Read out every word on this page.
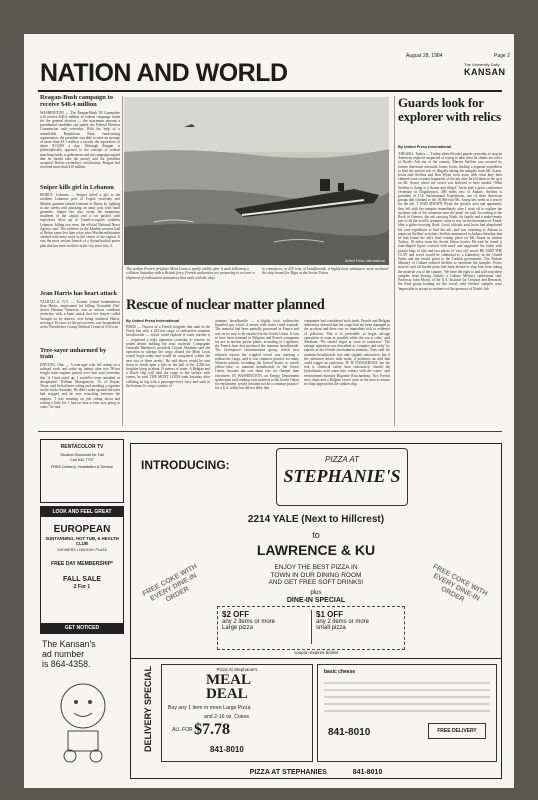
August 28, 1984	Page 2
NATION AND WORLD	The University Daily
KANSAN
Reagan-Bush campaign to receive $40.4 million
WASHINGTON — The Reagan-Bush '84 Committee will receive $40.4 million in federal campaign funds for the general election — the maximum amount a presidential candidate can spend, the Federal Election Commission said yesterday. With the help of a remarkable Republican Party fund-raising organization, the president was able to raise an average of more than $1.1 million a month, the equivalent of about $13,000 a day. Although Reagan is philosophically opposed to the concept of federal matching funds, a spokesman said the campaign argued that he should take the money and the president accepted. Before yesterday's certification, Reagan had received more than $10 million.
Sniper kills girl in Lebanon
BEIRUT, Lebanon — Snipers killed a girl in the northern Lebanese port of Tripoli yesterday and Muslim gunmen fanned tensions in Beirut by fighting in the streets and attacking an army post with hand grenades. Sniper fire also swept the mountains southeast of the capital and a car packed with explosives blew up in Israeli-occupied southern Lebanon, killing two men, the official National News Agency said. The violence in the Muslim western half of Beirut came less than a day after Muslim militiamen clashed with army units in the center of the capital. It was the most serious breach of a Syrian-backed peace plan that has been in effect in the city since July 4.
Jean Harris has heart attack
VALHALLA, N.Y. — Former school headmistress Jean Harris, imprisoned for killing 'Scarsdale Diet' doctor Herman Tarnower, was in serious condition yesterday with a heart attack that her lawyer called 'brought on by distress' over being confined. Harris, serving a 15-years-to-life prison term, was hospitalized at the Westchester County Medical Center at 5:30 a.m.
Tree-sayer unharmed by train
DAYTON, Ohio — A teen-ager who fell asleep on a railroad track and woke up unhurt after two 90-ton freight train engines passed over him said yesterday that 'if I had stood up, I would've been smashed or decapitated.' William Montgomery, 15, of Bryan, Texas, said he had been sitting and smoking a cigarette on the tracks Saturday. He didn't wake up until the train had stopped and he was crouching between the engines. 'I was standing on just sitting down and resting a little bit. I had no idea a train was going to come,' he said.
United Press International
The sunken French freighter Mont Louis is partly visible after it sank following a collision Saturday with a British ferry. French authorities are preparing to recover a shipment of radioactive substances that sank with the ship.
to containers, or 225 tons, of hexafluoride, a highly toxic substance, were on board the ship bound for Riga in the Soviet Union.
Rescue of nuclear matter planned
By United Press International
PARIS — Owners of a French freighter that sank in the North Sea with a 225-ton cargo of radioactive uranium hexafluoride — which could explode if water reaches it — requested a risky operation yesterday to remove its sealed drums holding the toxic material. Compagnie Generale Maritime's president Claude Abraham said the operation to salvage the cargo aboard the Mont Louis would begin today and would be completed 'within the next two or three weeks.' He said divers would be sent down to break open a hole in the hull of the 4,200-ton freighter lying in about 15 meters of water. A Belgian and a Dutch ship will haul the cargo to the surface with cranes, he said. THE MONT LOUIS sank Saturday after colliding in fog with a passenger-ferry ferry and sank to the bottom. Its cargo consists of
uranium hexafluoride — a highly toxic radioactive liquefied gas which if mixed with water could explode. The material had been partially processed in France and was on its way to be enriched in the Soviet Union. It was to have been returned to Belgium and French companies for use in nuclear power plants, according to Cogelinex, the French firm that produced the uranium hexafluoride. The Greenpeace environmental group, which first released reports the crippled vessel was carrying a radioactive cargo, said it was common practice for many Western nations, including the United States, to enrich yellow-cake, or uranium hexafluoride in the Soviet Union, because the cost there was far cheaper than elsewhere. IN WASHINGTON, an Energy Department spokesman said sending such material to the Soviet Union for enrichment 'would certainly not be a common practice' for a U.S. utility but did not deny that
companies had considered such deals. French and Belgian authorities stressed that the cargo had not been damaged in the accident and there was no immediate risk or evidence of pollution. 'But it is preferable to begin salvage operations as soon as possible while the sea is calm,' said Abraham. 'We should begin as soon as tomorrow.' The salvage operation was described as 'complex and risky' by experts at the French environment ministry. They said the uranium hexafluoride was only slightly radioactive, but if the substance mixes with water, it produces an acid that could trigger an explosion. 'IF IS DANGEROUS, but the risk is chemical rather than radioactive, should the hydrofluoric acid come into contact with the water,' said environment minister Huguette Bouchardeau. Two French navy ships and a Belgian vessel were in the area to ensure no ships approached the sunken ship.
Guards look for explorer with relics
By United Press International
ANKARA, Turkey — Turkey alerted border guards yesterday to stop an American explorer suspected of trying to take what he claims are relics of Noah's Ark out of the country. Marvin Steffins was accused by former American astronaut James Irwin, leading a separate expedition to find the ancient ark, of illegally taking the samples from Mt. Ararat. Irwin said Steffins and Ron Wyatt went away with what they later claimed were wooden fragments of the ark after he led them to the spot on Mt. Ararat where the vessel was believed to have landed. 'What Steffins is doing is a shame and illegal,' Irwin said a press conference yesterday in Dogubeyazit, 400 miles east of Ankara. Steffins is president of U.S. International Expeditions, one of three American groups that climbed to the 16,946-foot Mt. Ararat last week in a search for the ark. 'I HAD SHOWN Wyatt the specific area and apparently they left with the samples immediately after I went off to explore the northern side of the mountain near the peak,' he said. According to the Book of Genesis, the ark carrying Noah, his family and a male-female pair of all the world's creatures came to rest 'on the mountains of Ararat' after a globe-covering flood. Local officials said Irwin had abandoned his own expedition to find the ark, and was returning to Ankara to report on Steffins' activities. Steffins announced in Ankara Saturday that he had found the ark's final resting place on Mt. Ararat in eastern Turkey, 18 miles from the Soviet Union border. He said he found 'a boat-shaped figure covered with mud' and supported his claim with picture bags of clay and two pieces of 'very old' wood. HE SAID THE CLAY and wood would be submitted to a laboratory in the United States and the results given to the Turkish government. The Turkish Ministry of Culture ordered Steffins to surrender the samples. Police sources said all border posts had been alerted to stop him from taking the material out of the country. 'We have the right to and will stop these samples from leaving Turkey,' a Culture Ministry spokesman said. Professor John Morris of the U.S. Institute for Creation and Research, the third group looking for the vessel, said Steffins' samples were 'impossible to accept as evidence of the presence of Noah's Ark.'
RENTACOLOR TV
Student Discounts for Fall
Call 842-7757
FREE Delivery, Installation & Service
LOOK AND FEEL GREAT
EUROPEAN
SUNTANNING, HOT TUB, & HEALTH CLUB
SHOWERS • HOLIDAY PLAZA
FREE DAY MEMBERSHIP*
FALL SALE
2 For 1
GET NOTICED
The Kansan's
ad number
is 864-4358.
INTRODUCING:	PIZZA AT
STEPHANIE'S
2214 YALE (Next to Hillcrest)
to
LAWRENCE & KU
ENJOY THE BEST PIZZA IN
TOWN IN OUR DINING ROOM
AND GET FREE SOFT DRINKS!
FREE COKE WITH EVERY DINE-IN ORDER	FREE COKE WITH EVERY DINE-IN ORDER
plus
DINE-IN SPECIAL
$2 OFF
any 2 items or more
Large pizza
$1 OFF
any 2 items or more
small pizza
coupon expires 9/4/84
DELIVERY SPECIAL	Pizza At Stephanie's
MEAL
DEAL
Buy any 1 item or more Large Pizza
and 2-16 oz. Cokes
ALL FOR $7.78
841-8010
basic cheese
841-8010	FREE DELIVERY
PIZZA AT STEPHANIES	841-8010
